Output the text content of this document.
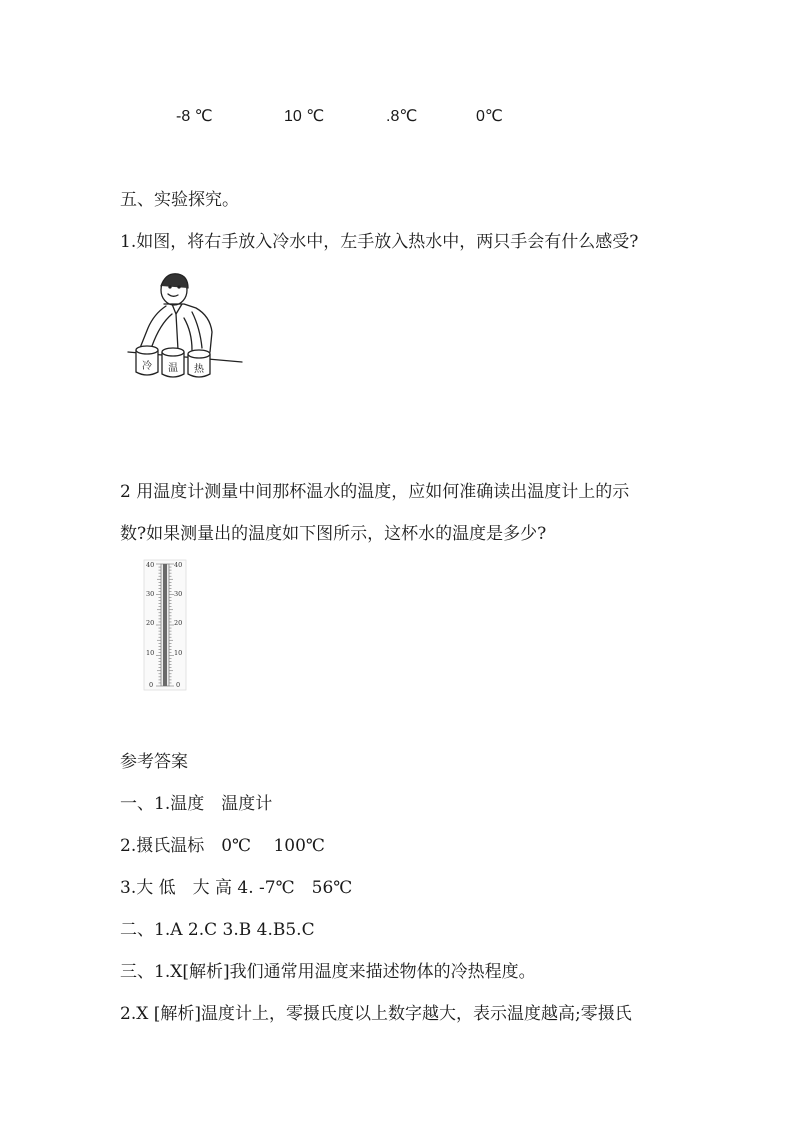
-8 ℃	10 ℃	.8℃	0℃
五、实验探究。
1.如图，将右手放入冷水中，左手放入热水中，两只手会有什么感受?
冷 温 热
2 用温度计测量中间那杯温水的温度，应如何准确读出温度计上的示
数?如果测量出的温度如下图所示，这杯水的温度是多少?
40
30
20
10
0
40
30
20
10
0
参考答案
一、1.温度　温度计
2.摄氏温标　0℃　 100℃
3.大 低　大 高 4. -7℃　56℃
二、1.A 2.C 3.B 4.B5.C
三、1.X[解析]我们通常用温度来描述物体的冷热程度。
2.X [解析]温度计上，零摄氏度以上数字越大，表示温度越高;零摄氏
